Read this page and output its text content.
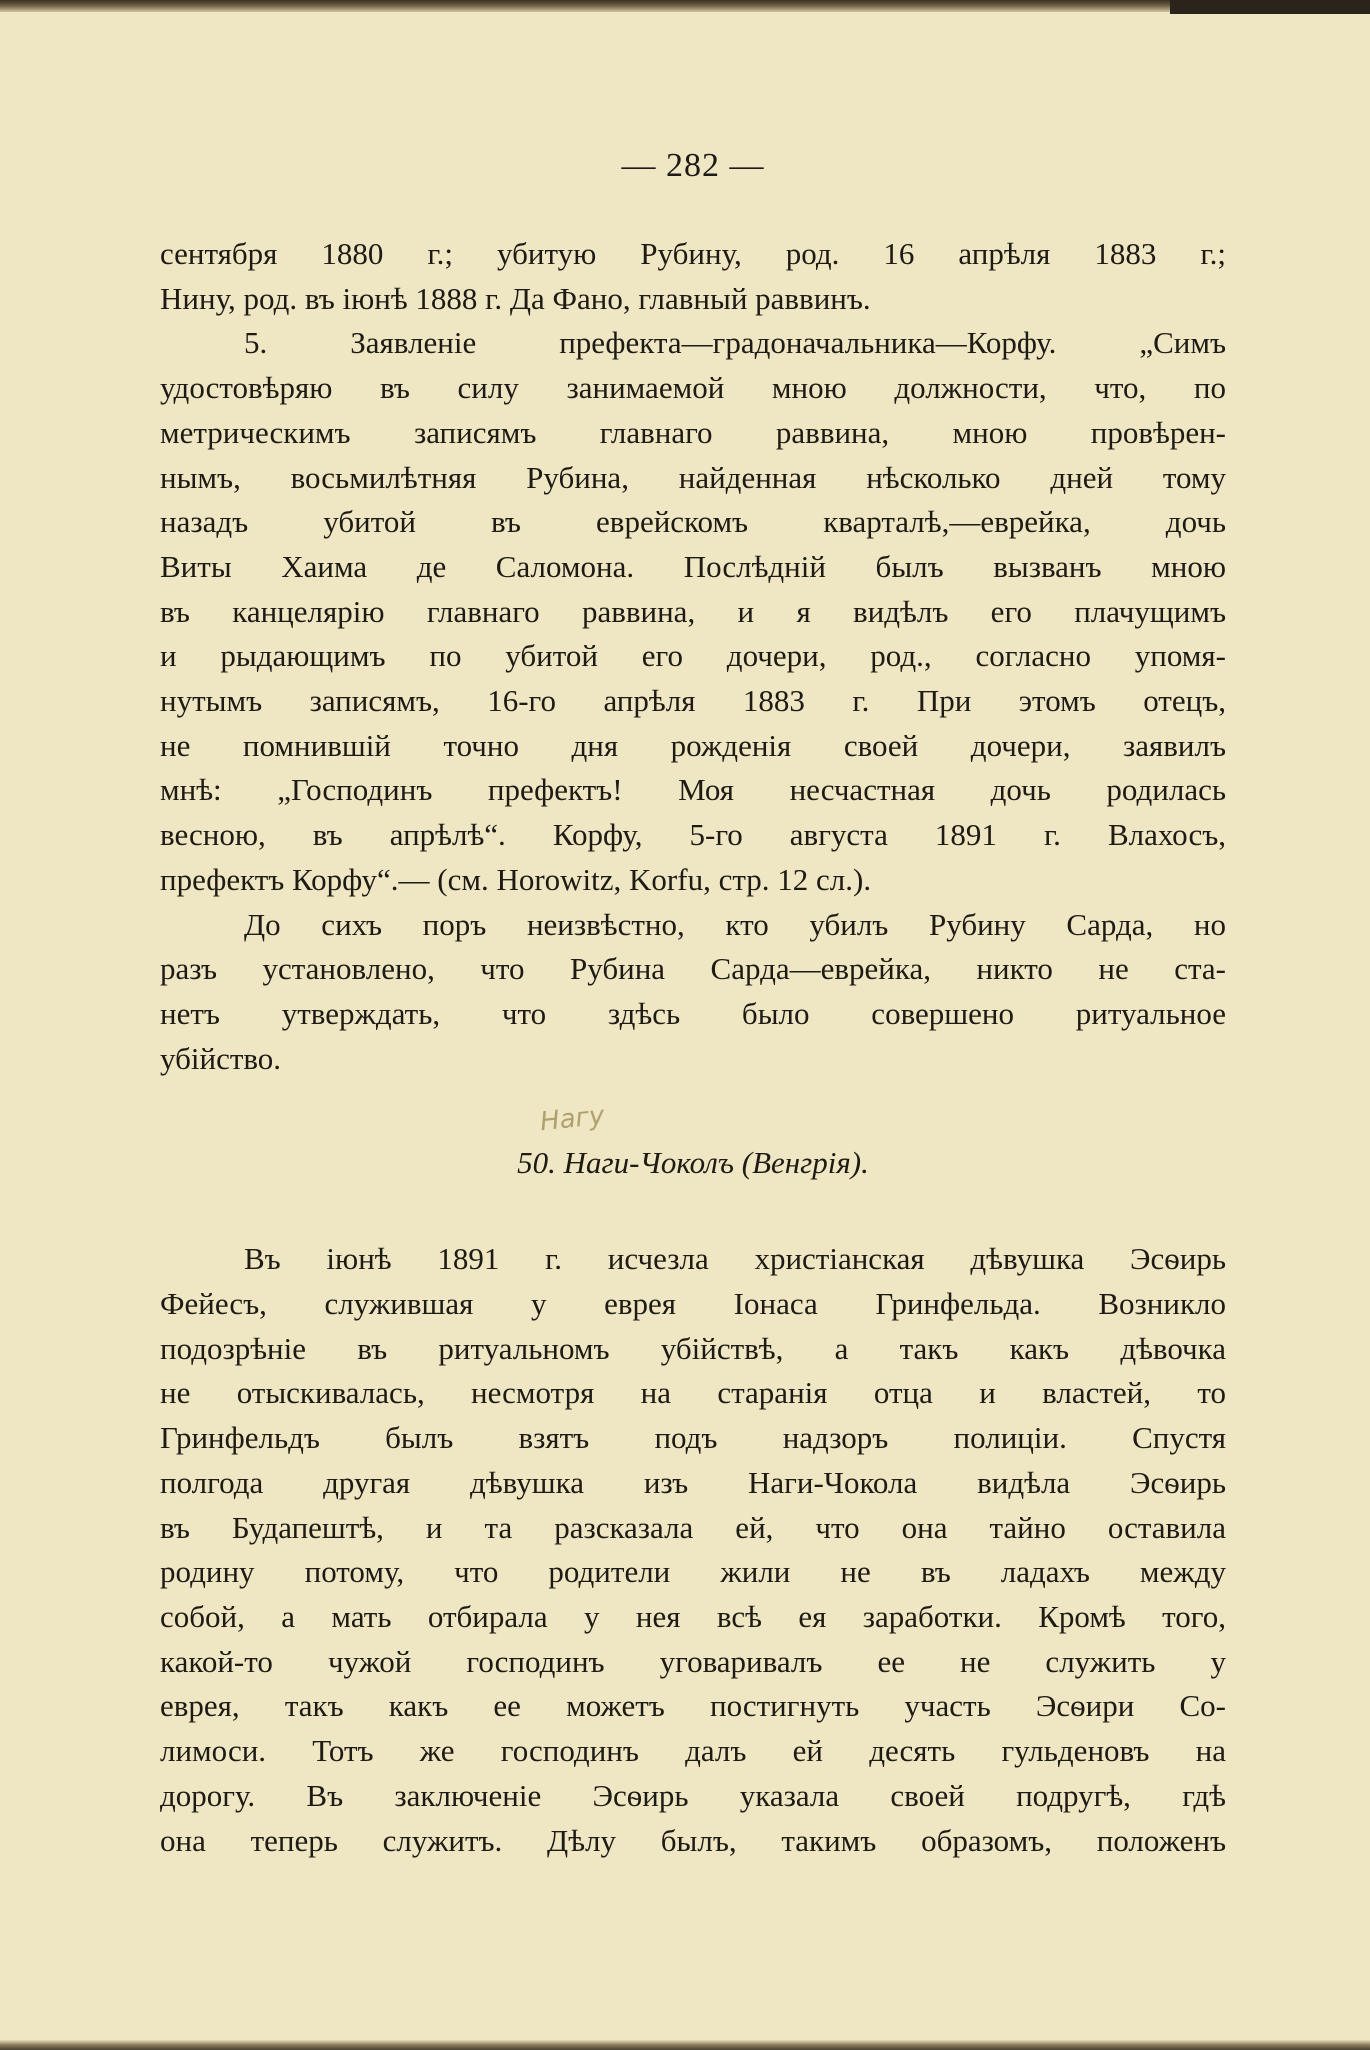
— 282 —

сентября 1880 г.; убитую Рубину, род. 16 апрѣля 1883 г.;
Нину, род. въ іюнѣ 1888 г. Да Фано, главный раввинъ.

5. Заявленіе префекта—градоначальника—Корфу. „Симъ
удостовѣряю въ силу занимаемой мною должности, что, по
метрическимъ записямъ главнаго раввина, мною провѣрен-
нымъ, восьмилѣтняя Рубина, найденная нѣсколько дней тому
назадъ убитой въ еврейскомъ кварталѣ,—еврейка, дочь
Виты Хаима де Саломона. Послѣдній былъ вызванъ мною
въ канцелярію главнаго раввина, и я видѣлъ его плачущимъ
и рыдающимъ по убитой его дочери, род., согласно упомя-
нутымъ записямъ, 16-го апрѣля 1883 г. При этомъ отецъ,
не помнившій точно дня рожденія своей дочери, заявилъ
мнѣ: „Господинъ префектъ! Моя несчастная дочь родилась
весною, въ апрѣлѣ“. Корфу, 5-го августа 1891 г. Влахосъ,
префектъ Корфу“.— (см. Horowitz, Korfu, стр. 12 сл.).

До сихъ поръ неизвѣстно, кто убилъ Рубину Сарда, но
разъ установлено, что Рубина Сарда—еврейка, никто не ста-
нетъ утверждать, что здѣсь было совершено ритуальное
убійство.

Нагу
50. Наги-Чоколъ (Венгрія).

Въ іюнѣ 1891 г. исчезла христіанская дѣвушка Эсѳирь
Фейесъ, служившая у еврея Іонаса Гринфельда. Возникло
подозрѣніе въ ритуальномъ убійствѣ, а такъ какъ дѣвочка
не отыскивалась, несмотря на старанія отца и властей, то
Гринфельдъ былъ взятъ подъ надзоръ полиціи. Спустя
полгода другая дѣвушка изъ Наги-Чокола видѣла Эсѳирь
въ Будапештѣ, и та разсказала ей, что она тайно оставила
родину потому, что родители жили не въ ладахъ между
собой, а мать отбирала у нея всѣ ея заработки. Кромѣ того,
какой-то чужой господинъ уговаривалъ ее не служить у
еврея, такъ какъ ее можетъ постигнуть участь Эсѳири Со-
лимоси. Тотъ же господинъ далъ ей десять гульденовъ на
дорогу. Въ заключеніе Эсѳирь указала своей подругѣ, гдѣ
она теперь служитъ. Дѣлу былъ, такимъ образомъ, положенъ
